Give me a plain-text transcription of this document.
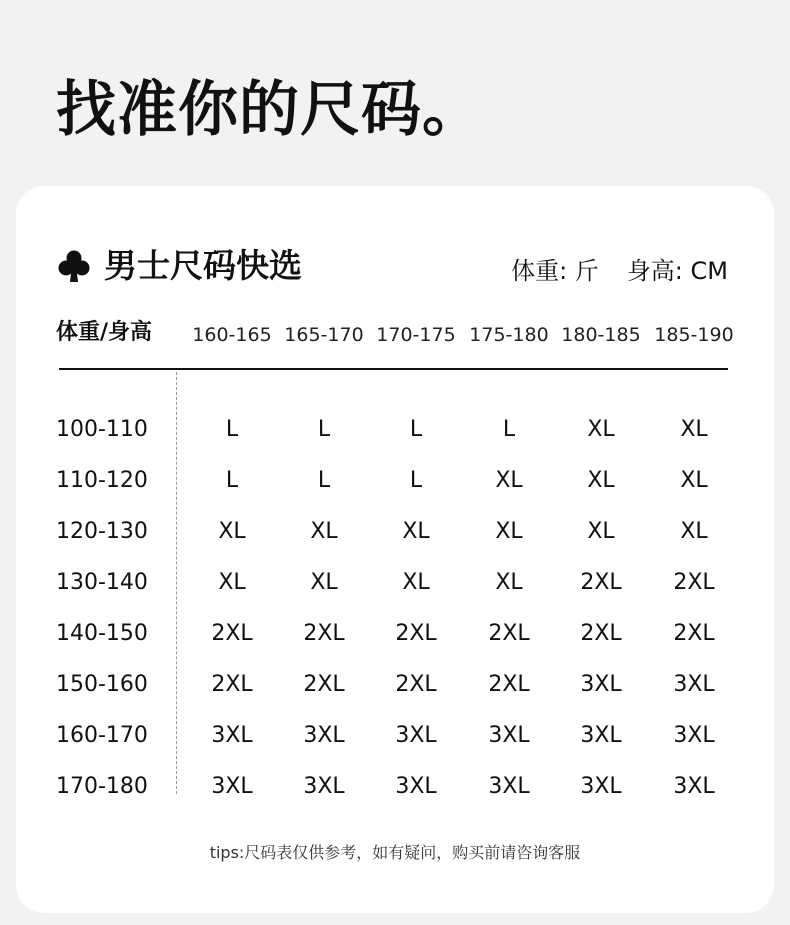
找准你的尺码。
男士尺码快选	体重: 斤 身高: CM
体重/身高	160-165 165-170 170-175 175-180 180-185 185-190
100-110	L	L	L	L	XL	XL
110-120	L	L	L	XL	XL	XL
120-130	XL	XL	XL	XL	XL	XL
130-140	XL	XL	XL	XL	2XL	2XL
140-150	2XL	2XL	2XL	2XL	2XL	2XL
150-160	2XL	2XL	2XL	2XL	3XL	3XL
160-170	3XL	3XL	3XL	3XL	3XL	3XL
170-180	3XL	3XL	3XL	3XL	3XL	3XL
tips:尺码表仅供参考，如有疑问，购买前请咨询客服
